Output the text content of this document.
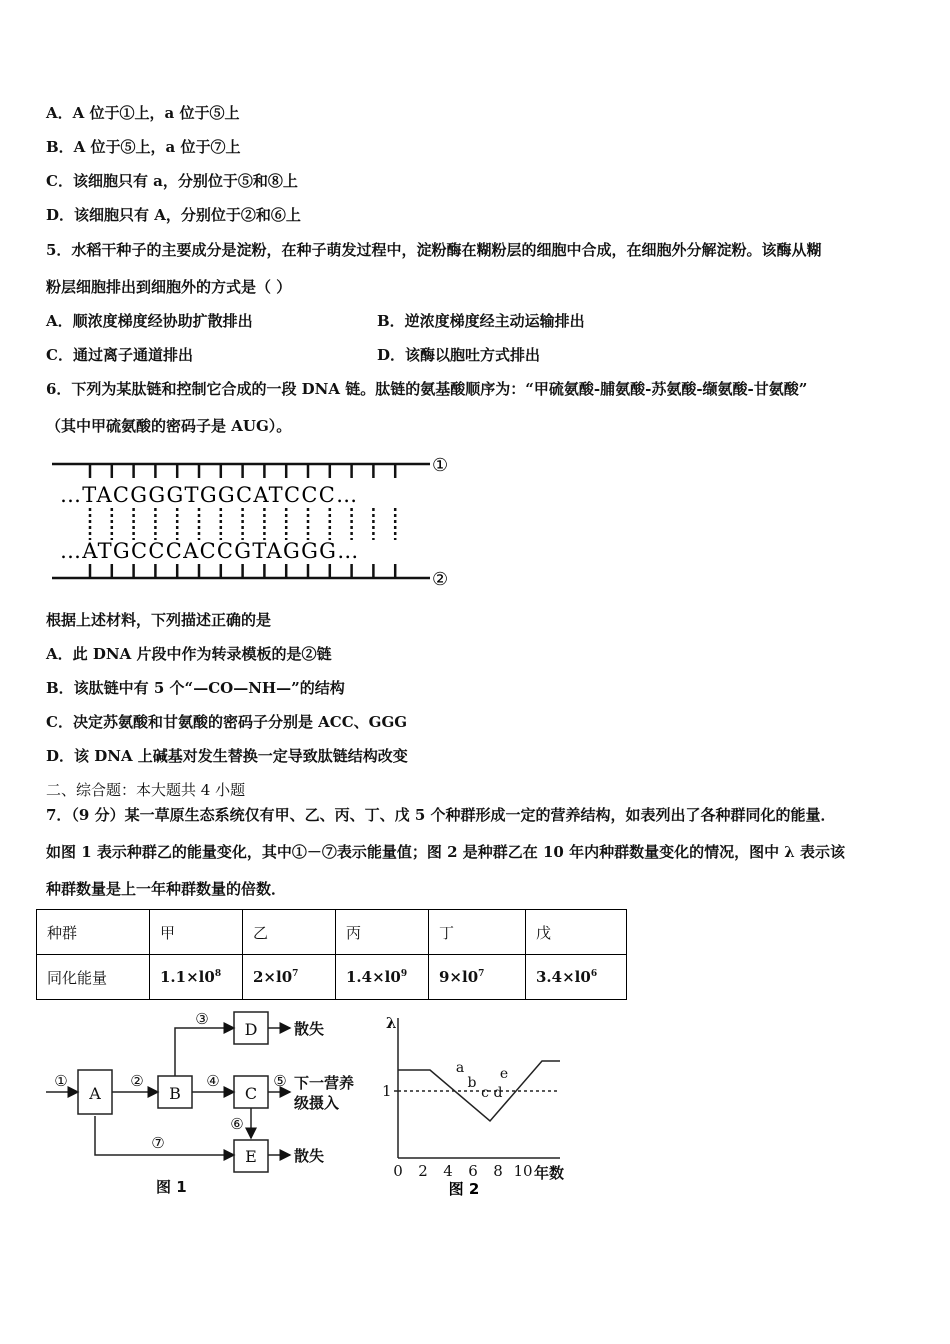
A．A 位于①上，a 位于⑤上
B．A 位于⑤上，a 位于⑦上
C．该细胞只有 a，分别位于⑤和⑧上
D．该细胞只有 A，分别位于②和⑥上
5．水稻干种子的主要成分是淀粉，在种子萌发过程中，淀粉酶在糊粉层的细胞中合成，在细胞外分解淀粉。该酶从糊
粉层细胞排出到细胞外的方式是（ ）
A．顺浓度梯度经协助扩散排出	B．逆浓度梯度经主动运输排出
C．通过离子通道排出	D．该酶以胞吐方式排出
6．下列为某肽链和控制它合成的一段 DNA 链。肽链的氨基酸顺序为：“甲硫氨酸-脯氨酸-苏氨酸-缬氨酸-甘氨酸”
（其中甲硫氨酸的密码子是 AUG）。
…TACGGGTGGCATCCC…
…ATGCCCACCGTAGGG…
①
②
根据上述材料，下列描述正确的是
A．此 DNA 片段中作为转录模板的是②链
B．该肽链中有 5 个“—CO—NH—”的结构
C．决定苏氨酸和甘氨酸的密码子分别是 ACC、GGG
D．该 DNA 上碱基对发生替换一定导致肽链结构改变
二、综合题：本大题共 4 小题
7．（9 分）某一草原生态系统仅有甲、乙、丙、丁、戊 5 个种群形成一定的营养结构，如表列出了各种群同化的能量．
如图 1 表示种群乙的能量变化，其中①－⑦表示能量值；图 2 是种群乙在 10 年内种群数量变化的情况，图中 λ 表示该
种群数量是上一年种群数量的倍数．
种群	甲	乙	丙	丁	戊
同化能量	$1.1\times l0^8$	$2\times l0^7$	$1.4\times l0^9$	$9\times l0^7$	$3.4\times l0^6$
A	B	C
D
E
①	②
③
④	⑤
⑥
⑦
散失
下一营养
级摄入
散失
图 1
λ
1
0 2 4 6 8 10 年数
a
b
c d
e
图 2
